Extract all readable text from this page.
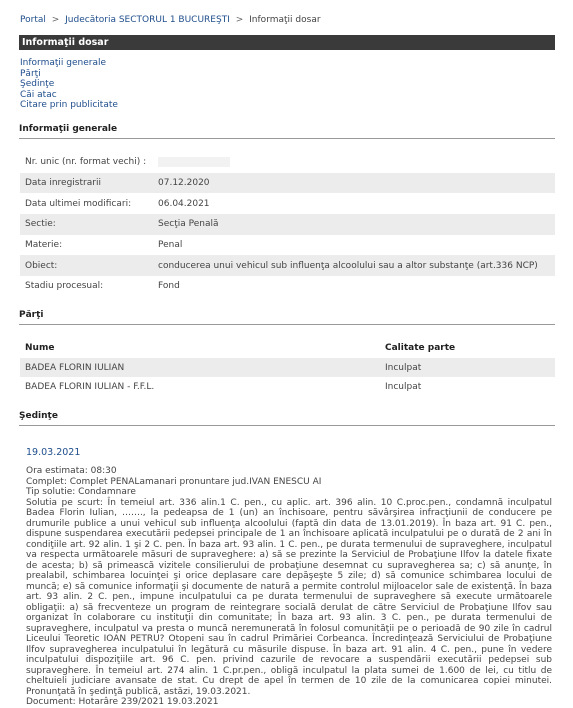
Portal > Judecătoria SECTORUL 1 BUCUREŞTI > Informaţii dosar
Informaţii dosar
Informaţii generale
Părţi
Şedinţe
Căi atac
Citare prin publicitate
Informaţii generale
Nr. unic (nr. format vechi) :	
Data inregistrarii	07.12.2020
Data ultimei modificari:	06.04.2021
Sectie:	Secţia Penală
Materie:	Penal
Obiect:	conducerea unui vehicul sub influenţa alcoolului sau a altor substanţe (art.336 NCP)
Stadiu procesual:	Fond
Părţi
Nume	Calitate parte
BADEA FLORIN IULIAN	Inculpat
BADEA FLORIN IULIAN - F.F.L.	Inculpat
Şedinţe
19.03.2021
Ora estimata: 08:30
Complet: Complet PENALamanari pronuntare jud.IVAN ENESCU AI
Tip solutie: Condamnare
Solutia pe scurt: În temeiul art. 336 alin.1 C. pen., cu aplic. art. 396 alin. 10 C.proc.pen., condamnă inculpatul Badea Florin Iulian, ……., la pedeapsa de 1 (un) an închisoare, pentru săvârşirea infracţiunii de conducere pe drumurile publice a unui vehicul sub influenţa alcoolului (faptă din data de 13.01.2019). În baza art. 91 C. pen., dispune suspendarea executării pedepsei principale de 1 an închisoare aplicată inculpatului pe o durată de 2 ani în condiţiile art. 92 alin. 1 şi 2 C. pen. În baza art. 93 alin. 1 C. pen., pe durata termenului de supraveghere, inculpatul va respecta următoarele măsuri de supraveghere: a) să se prezinte la Serviciul de Probaţiune Ilfov la datele fixate de acesta; b) să primească vizitele consilierului de probaţiune desemnat cu supravegherea sa; c) să anunţe, în prealabil, schimbarea locuinţei şi orice deplasare care depăşeşte 5 zile; d) să comunice schimbarea locului de muncă; e) să comunice informaţii şi documente de natură a permite controlul mijloacelor sale de existenţă. În baza art. 93 alin. 2 C. pen., impune inculpatului ca pe durata termenului de supraveghere să execute următoarele obligaţii: a) să frecventeze un program de reintegrare socială derulat de către Serviciul de Probaţiune Ilfov sau organizat în colaborare cu instituţii din comunitate; În baza art. 93 alin. 3 C. pen., pe durata termenului de supraveghere, inculpatul va presta o muncă neremunerată în folosul comunităţii pe o perioadă de 90 zile în cadrul Liceului Teoretic IOAN PETRU? Otopeni sau în cadrul Primăriei Corbeanca. Încredinţează Serviciului de Probaţiune Ilfov supravegherea inculpatului în legătură cu măsurile dispuse. În baza art. 91 alin. 4 C. pen., pune în vedere inculpatului dispoziţiile art. 96 C. pen. privind cazurile de revocare a suspendării executării pedepsei sub supraveghere. În temeiul art. 274 alin. 1 C.pr.pen., obligă inculpatul la plata sumei de 1.600 de lei, cu titlu de cheltuieli judiciare avansate de stat. Cu drept de apel în termen de 10 zile de la comunicarea copiei minutei. Pronunţată în şedinţă publică, astăzi, 19.03.2021.
Document: Hotarâre 239/2021 19.03.2021
